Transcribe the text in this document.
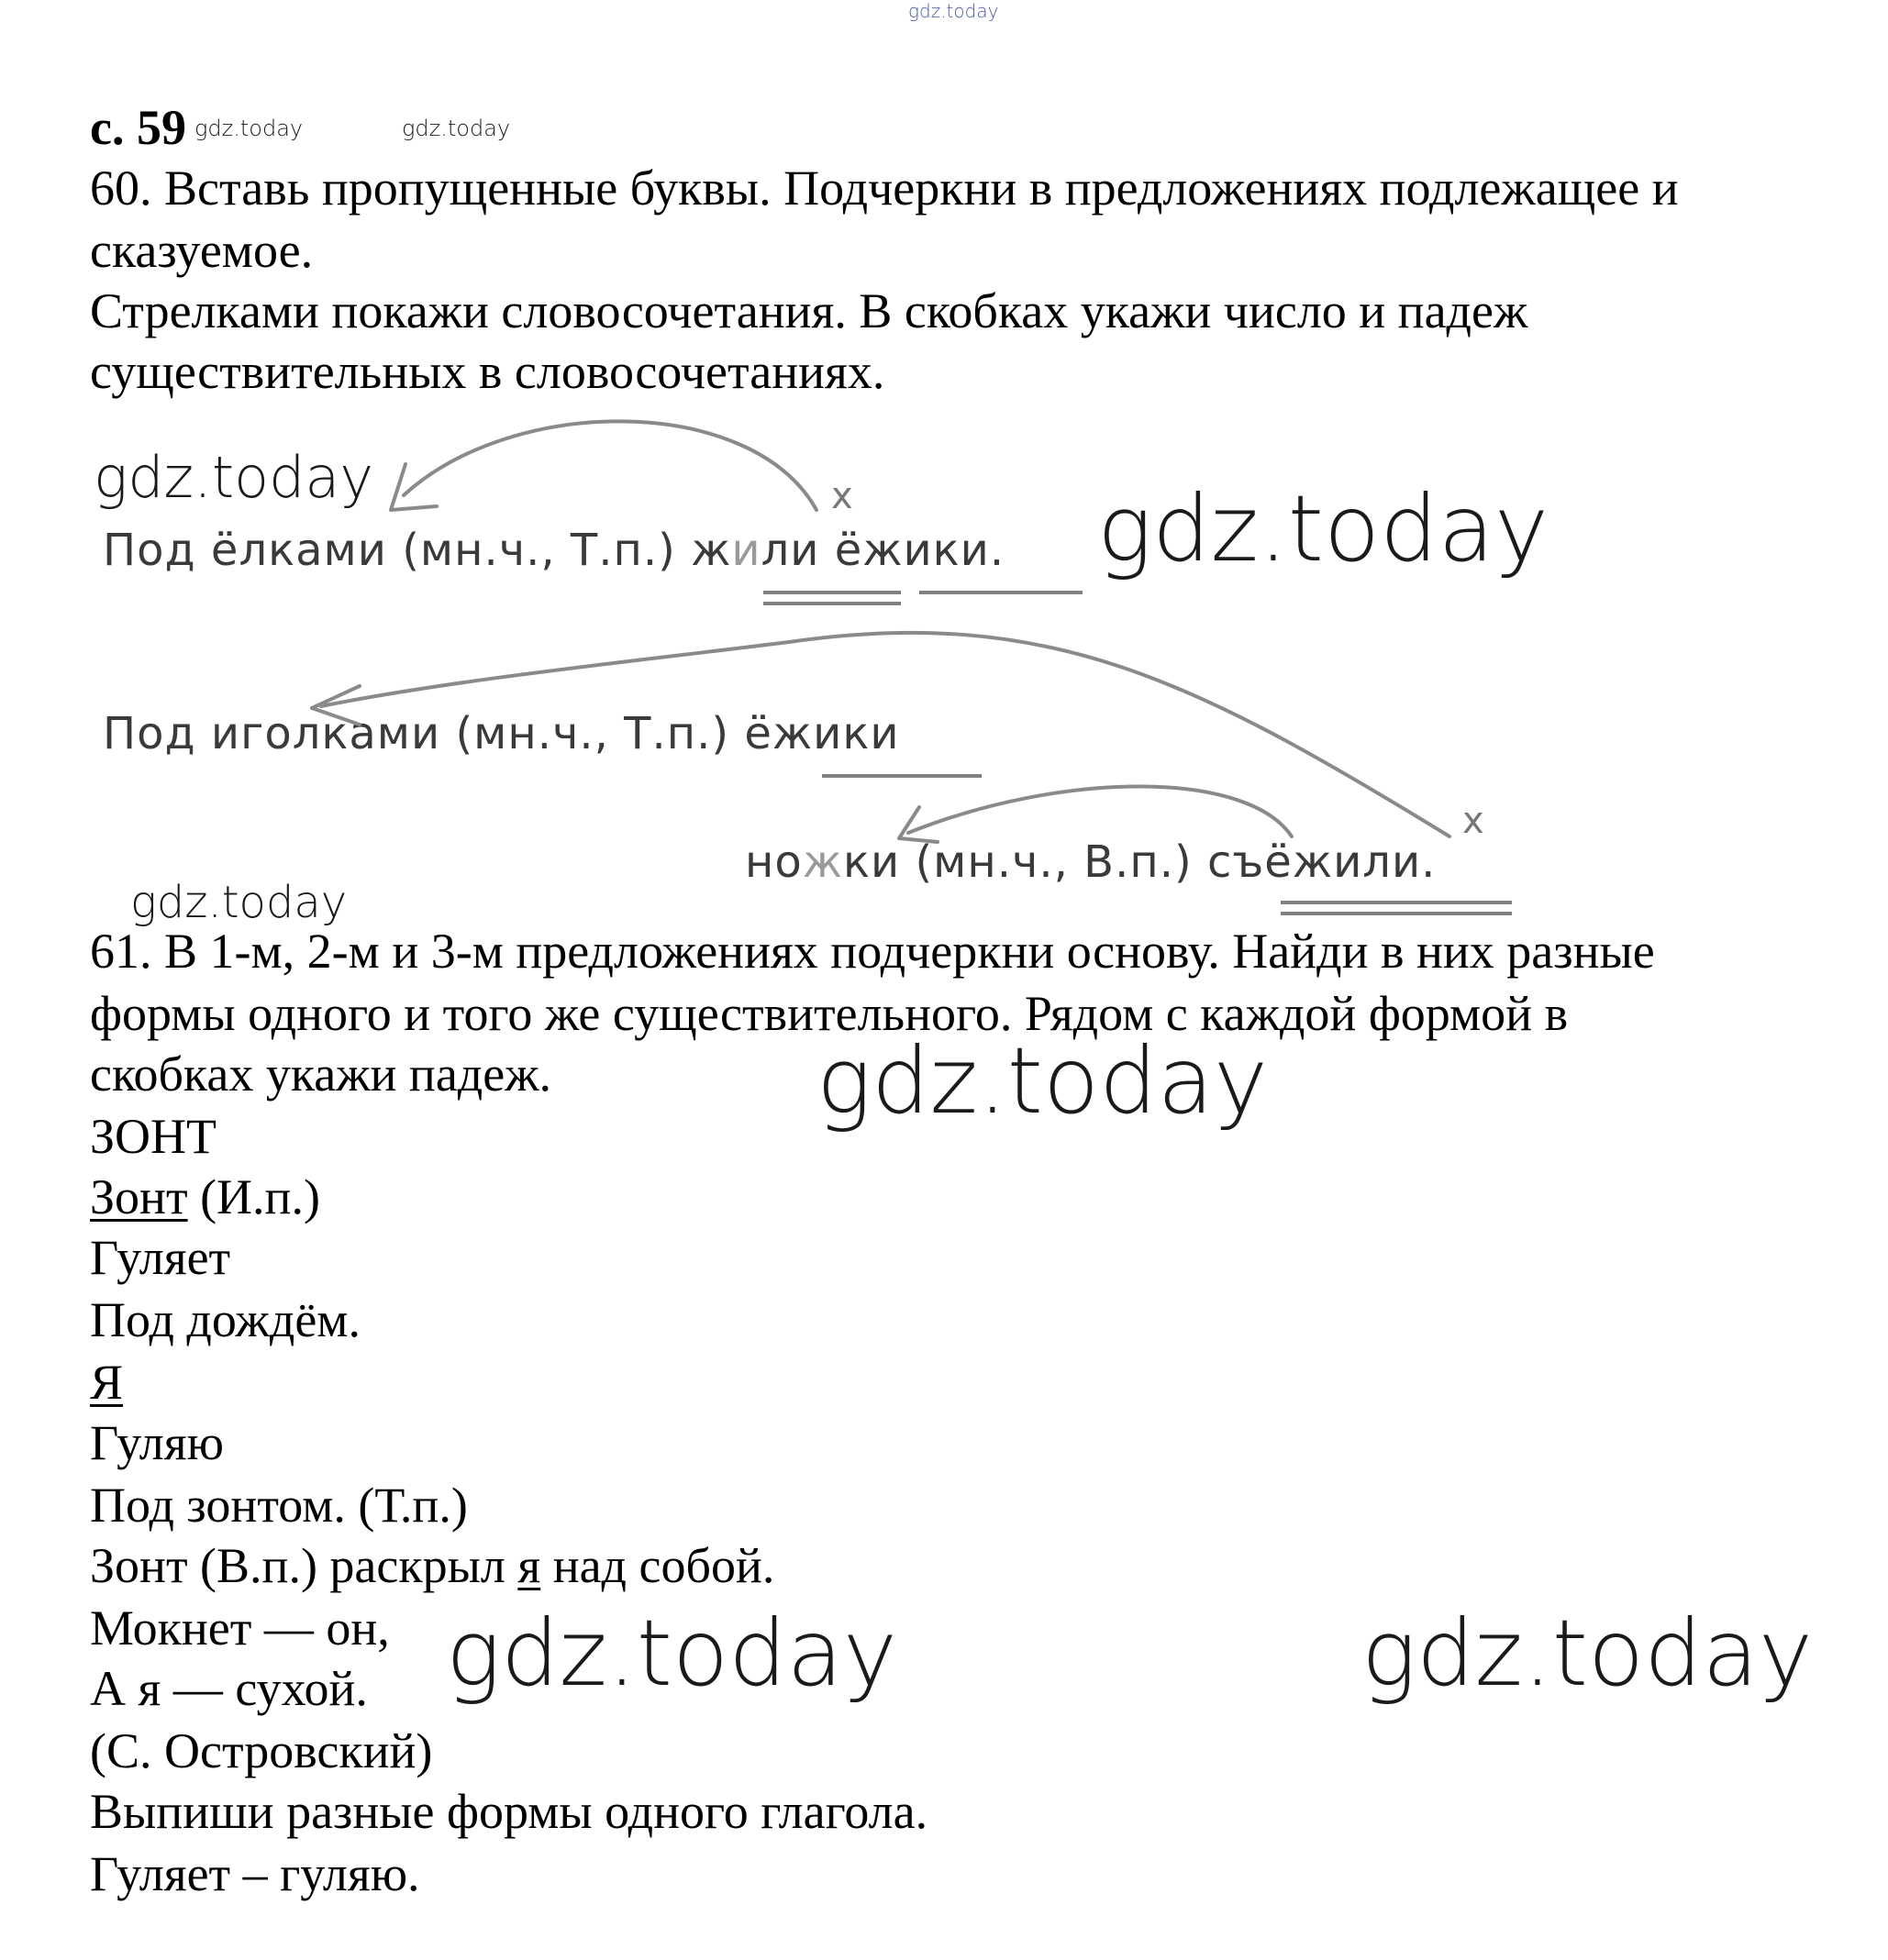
gdz.today
с. 59 gdz.today	gdz.today
60. Вставь пропущенные буквы. Подчеркни в предложениях подлежащее и
сказуемое.
Стрелками покажи словосочетания. В скобках укажи число и падеж
существительных в словосочетаниях.
gdz.today
Под ёлками (мн.ч., Т.п.) жили ёжики. gdz.today
Под иголками (мн.ч., Т.п.) ёжики
ножки (мн.ч., В.п.) съёжили.
x
x
gdz.today
61. В 1-м, 2-м и 3-м предложениях подчеркни основу. Найди в них разные
формы одного и того же существительного. Рядом с каждой формой в
скобках укажи падеж.	gdz.today
ЗОНТ
Зонт (И.п.)
Гуляет
Под дождём.
Я
Гуляю
Под зонтом. (Т.п.)
Зонт (В.п.) раскрыл я над собой.
Мокнет — он,
А я — сухой.
(С. Островский)
Выпиши разные формы одного глагола.
Гуляет – гуляю.
gdz.today	gdz.today
